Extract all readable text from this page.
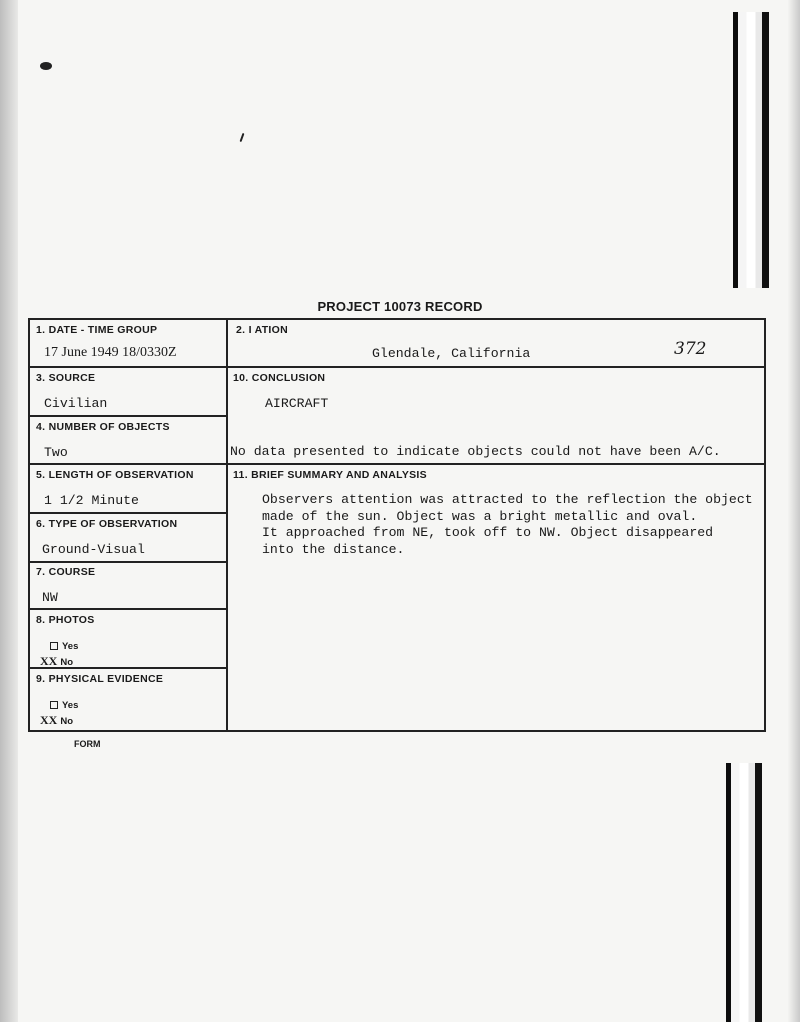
PROJECT 10073 RECORD
1. DATE - TIME GROUP
17 June 1949 18/0330Z
2. I ATION
Glendale, California	372
3. SOURCE
Civilian
10. CONCLUSION
AIRCRAFT
No data presented to indicate objects could not have been A/C.
4. NUMBER OF OBJECTS
Two
5. LENGTH OF OBSERVATION
1 1/2 Minute
11. BRIEF SUMMARY AND ANALYSIS
Observers attention was attracted to the reflection the object
made of the sun. Object was a bright metallic and oval.
It approached from NE, took off to NW. Object disappeared
into the distance.
6. TYPE OF OBSERVATION
Ground-Visual
7. COURSE
NW
8. PHOTOS
Yes
XX No
9. PHYSICAL EVIDENCE
Yes
XX No
FORM
